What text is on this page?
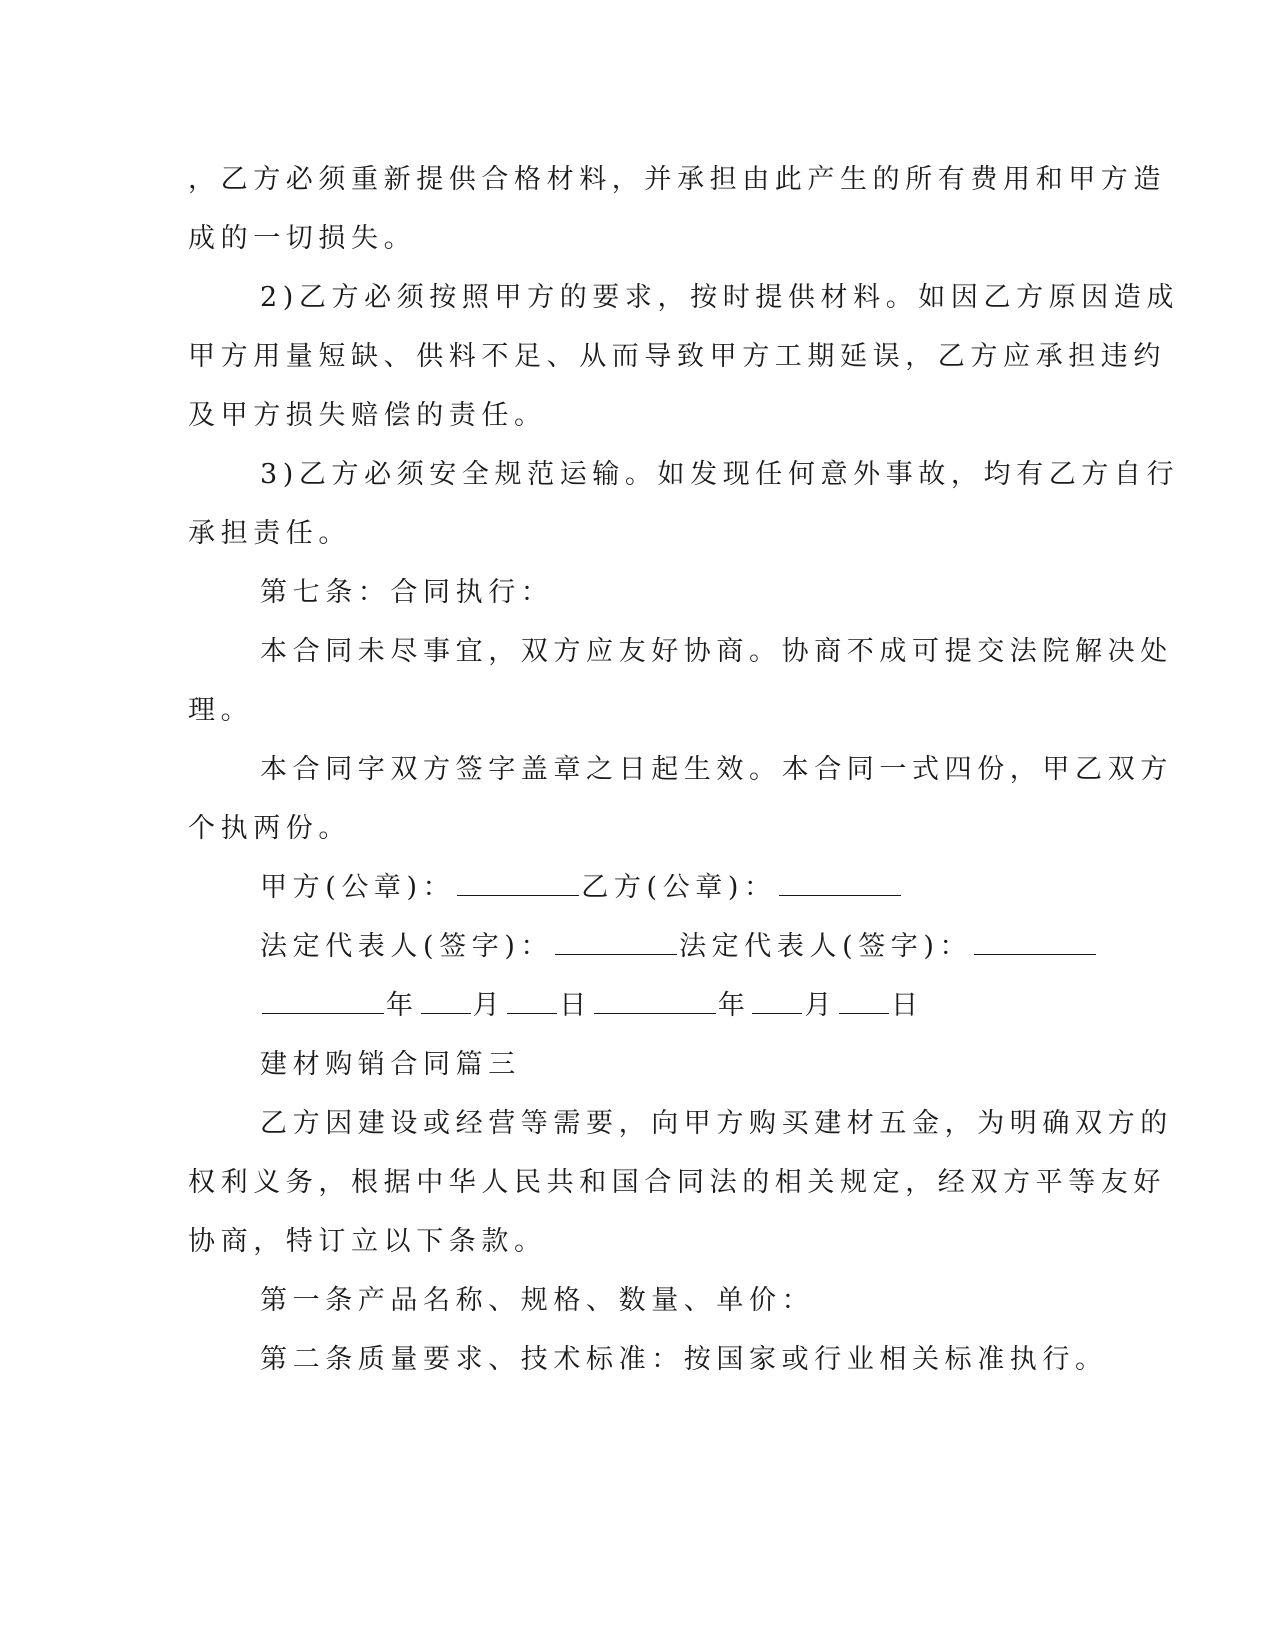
，乙方必须重新提供合格材料，并承担由此产生的所有费用和甲方造
成的一切损失。
2)乙方必须按照甲方的要求，按时提供材料。如因乙方原因造成
甲方用量短缺、供料不足、从而导致甲方工期延误，乙方应承担违约
及甲方损失赔偿的责任。
3)乙方必须安全规范运输。如发现任何意外事故，均有乙方自行
承担责任。
第七条：合同执行：
本合同未尽事宜，双方应友好协商。协商不成可提交法院解决处
理。
本合同字双方签字盖章之日起生效。本合同一式四份，甲乙双方
个执两份。
甲方(公章)：	乙方(公章)：
法定代表人(签字)：	法定代表人(签字)：
年 月 日	年 月 日
建材购销合同篇三
乙方因建设或经营等需要，向甲方购买建材五金，为明确双方的
权利义务，根据中华人民共和国合同法的相关规定，经双方平等友好
协商，特订立以下条款。
第一条产品名称、规格、数量、单价：
第二条质量要求、技术标准：按国家或行业相关标准执行。
